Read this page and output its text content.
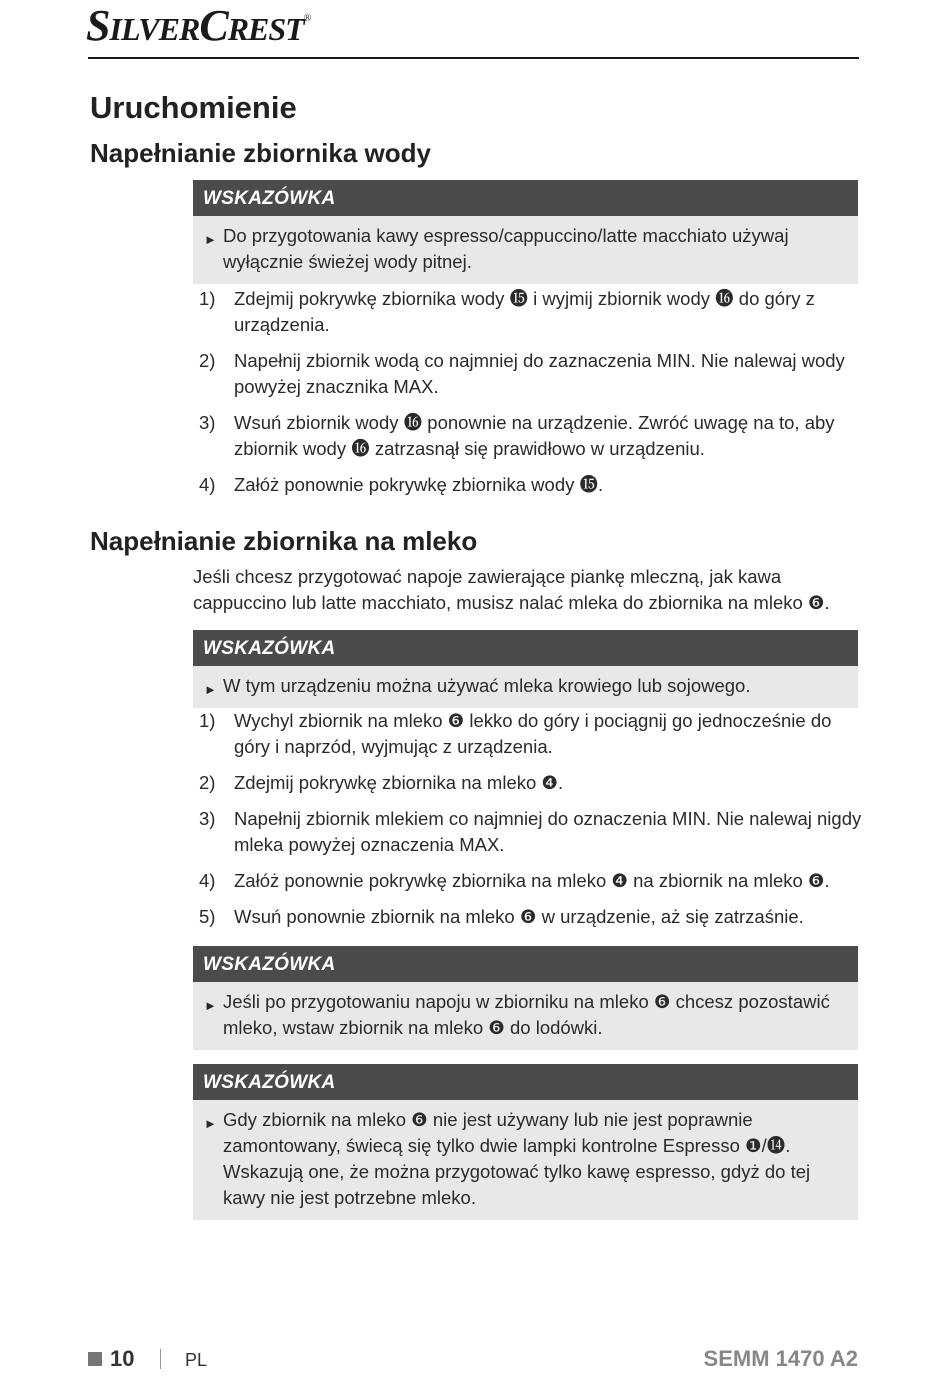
SILVERCREST®
Uruchomienie
Napełnianie zbiornika wody
WSKAZÓWKA
► Do przygotowania kawy espresso/cappuccino/latte macchiato używaj wyłącznie świeżej wody pitnej.
1) Zdejmij pokrywkę zbiornika wody ⓯ i wyjmij zbiornik wody ⓰ do góry z urządzenia.
2) Napełnij zbiornik wodą co najmniej do zaznaczenia MIN. Nie nalewaj wody powyżej znacznika MAX.
3) Wsuń zbiornik wody ⓰ ponownie na urządzenie. Zwróć uwagę na to, aby zbiornik wody ⓰ zatrzasnął się prawidłowo w urządzeniu.
4) Załóż ponownie pokrywkę zbiornika wody ⓯.
Napełnianie zbiornika na mleko
Jeśli chcesz przygotować napoje zawierające piankę mleczną, jak kawa cappuccino lub latte macchiato, musisz nalać mleka do zbiornika na mleko ❻.
WSKAZÓWKA
► W tym urządzeniu można używać mleka krowiego lub sojowego.
1) Wychyl zbiornik na mleko ❻ lekko do góry i pociągnij go jednocześnie do góry i naprzód, wyjmując z urządzenia.
2) Zdejmij pokrywkę zbiornika na mleko ❹.
3) Napełnij zbiornik mlekiem co najmniej do oznaczenia MIN. Nie nalewaj nigdy mleka powyżej oznaczenia MAX.
4) Załóż ponownie pokrywkę zbiornika na mleko ❹ na zbiornik na mleko ❻.
5) Wsuń ponownie zbiornik na mleko ❻ w urządzenie, aż się zatrzaśnie.
WSKAZÓWKA
► Jeśli po przygotowaniu napoju w zbiorniku na mleko ❻ chcesz pozostawić mleko, wstaw zbiornik na mleko ❻ do lodówki.
WSKAZÓWKA
► Gdy zbiornik na mleko ❻ nie jest używany lub nie jest poprawnie zamontowany, świecą się tylko dwie lampki kontrolne Espresso ❶/⓮. Wskazują one, że można przygotować tylko kawę espresso, gdyż do tej kawy nie jest potrzebne mleko.
10	PL	SEMM 1470 A2
